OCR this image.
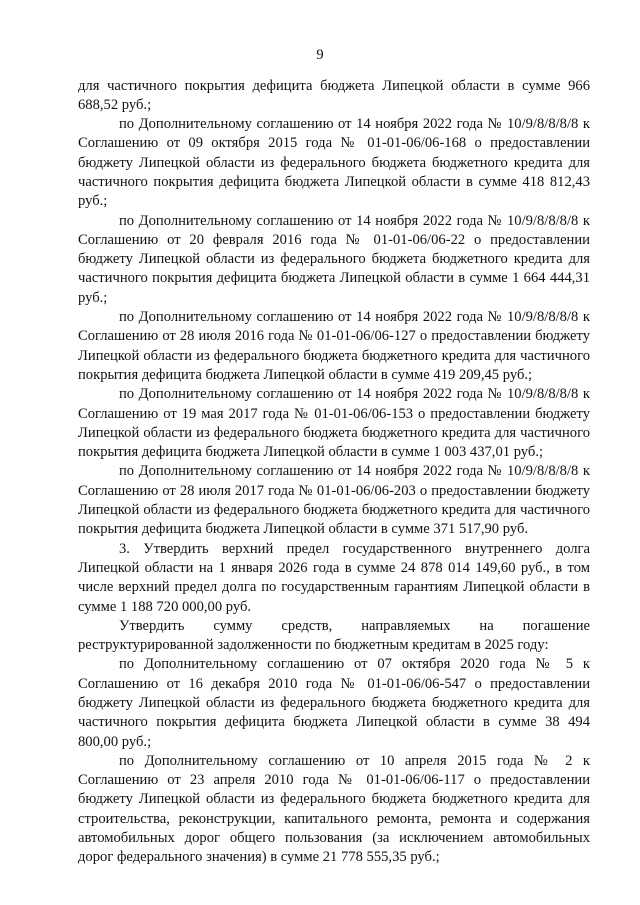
9

для частичного покрытия дефицита бюджета Липецкой области в сумме 966 688,52 руб.;

по Дополнительному соглашению от 14 ноября 2022 года № 10/9/8/8/8/8 к Соглашению от 09 октября 2015 года № 01-01-06/06-168 о предоставлении бюджету Липецкой области из федерального бюджета бюджетного кредита для частичного покрытия дефицита бюджета Липецкой области в сумме 418 812,43 руб.;

по Дополнительному соглашению от 14 ноября 2022 года № 10/9/8/8/8/8 к Соглашению от 20 февраля 2016 года № 01-01-06/06-22 о предоставлении бюджету Липецкой области из федерального бюджета бюджетного кредита для частичного покрытия дефицита бюджета Липецкой области в сумме 1 664 444,31 руб.;

по Дополнительному соглашению от 14 ноября 2022 года № 10/9/8/8/8/8 к Соглашению от 28 июля 2016 года № 01-01-06/06-127 о предоставлении бюджету Липецкой области из федерального бюджета бюджетного кредита для частичного покрытия дефицита бюджета Липецкой области в сумме 419 209,45 руб.;

по Дополнительному соглашению от 14 ноября 2022 года № 10/9/8/8/8/8 к Соглашению от 19 мая 2017 года № 01-01-06/06-153 о предоставлении бюджету Липецкой области из федерального бюджета бюджетного кредита для частичного покрытия дефицита бюджета Липецкой области в сумме 1 003 437,01 руб.;

по Дополнительному соглашению от 14 ноября 2022 года № 10/9/8/8/8/8 к Соглашению от 28 июля 2017 года № 01-01-06/06-203 о предоставлении бюджету Липецкой области из федерального бюджета бюджетного кредита для частичного покрытия дефицита бюджета Липецкой области в сумме 371 517,90 руб.

3. Утвердить верхний предел государственного внутреннего долга Липецкой области на 1 января 2026 года в сумме 24 878 014 149,60 руб., в том числе верхний предел долга по государственным гарантиям Липецкой области в сумме 1 188 720 000,00 руб.

Утвердить сумму средств, направляемых на погашение реструктурированной задолженности по бюджетным кредитам в 2025 году:

по Дополнительному соглашению от 07 октября 2020 года № 5 к Соглашению от 16 декабря 2010 года № 01-01-06/06-547 о предоставлении бюджету Липецкой области из федерального бюджета бюджетного кредита для частичного покрытия дефицита бюджета Липецкой области в сумме 38 494 800,00 руб.;

по Дополнительному соглашению от 10 апреля 2015 года № 2 к Соглашению от 23 апреля 2010 года № 01-01-06/06-117 о предоставлении бюджету Липецкой области из федерального бюджета бюджетного кредита для строительства, реконструкции, капитального ремонта, ремонта и содержания автомобильных дорог общего пользования (за исключением автомобильных дорог федерального значения) в сумме 21 778 555,35 руб.;
